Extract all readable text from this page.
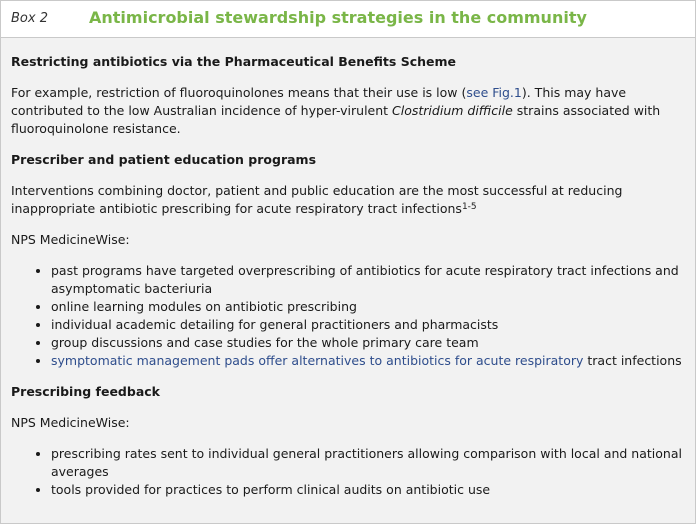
Box 2	Antimicrobial stewardship strategies in the community
Restricting antibiotics via the Pharmaceutical Benefits Scheme

For example, restriction of fluoroquinolones means that their use is low (see Fig.1). This may have contributed to the low Australian incidence of hyper-virulent Clostridium difficile strains associated with fluoroquinolone resistance.

Prescriber and patient education programs

Interventions combining doctor, patient and public education are the most successful at reducing inappropriate antibiotic prescribing for acute respiratory tract infections$^{1-5}$

NPS MedicineWise:

• past programs have targeted overprescribing of antibiotics for acute respiratory tract infections and asymptomatic bacteriuria
• online learning modules on antibiotic prescribing
• individual academic detailing for general practitioners and pharmacists
• group discussions and case studies for the whole primary care team
• symptomatic management pads offer alternatives to antibiotics for acute respiratory tract infections
Prescribing feedback

NPS MedicineWise:

• prescribing rates sent to individual general practitioners allowing comparison with local and national averages
• tools provided for practices to perform clinical audits on antibiotic use
